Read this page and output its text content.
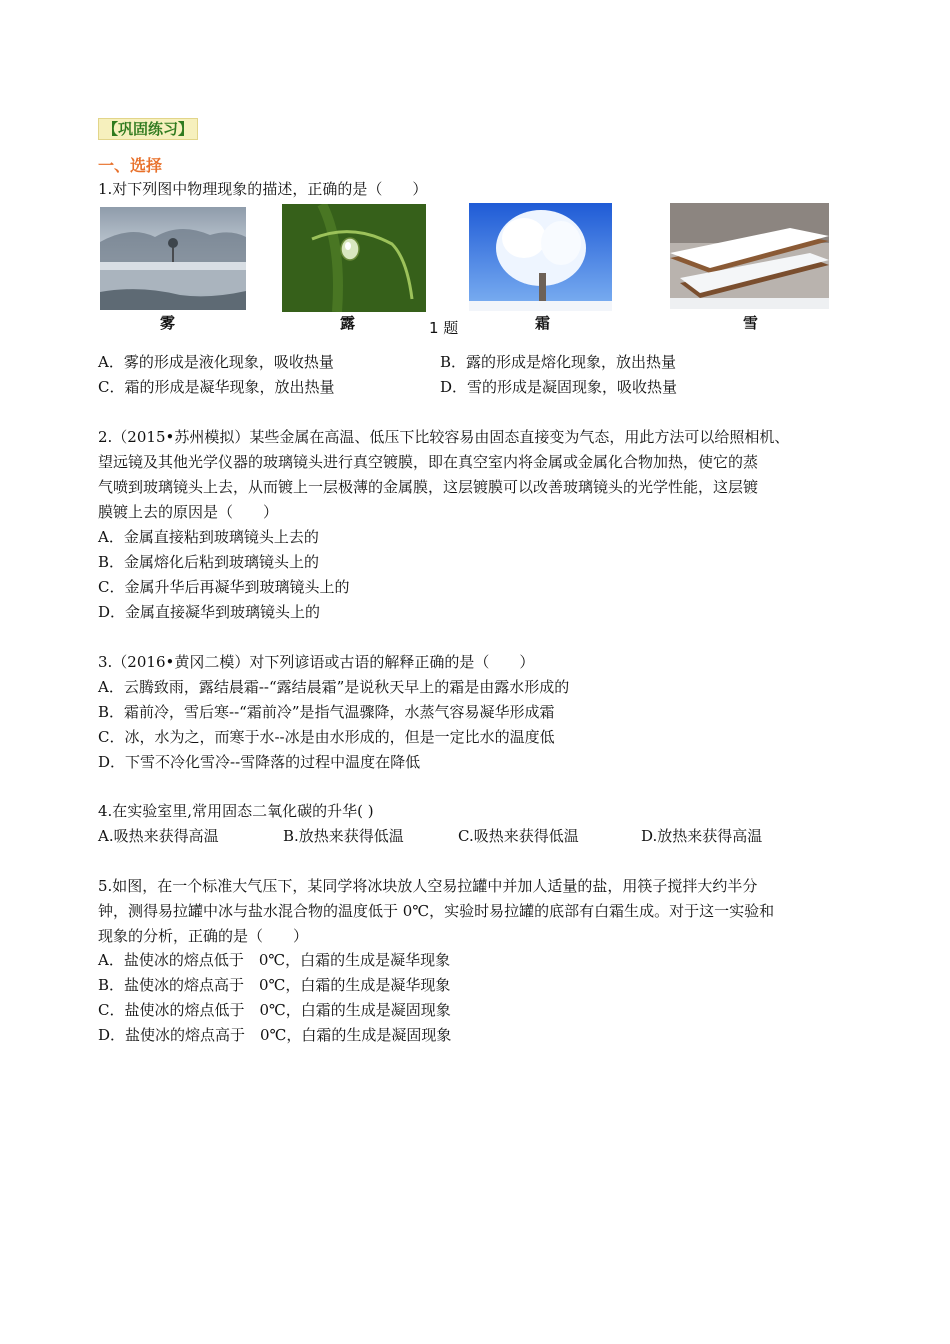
【巩固练习】
一、选择
1.对下列图中物理现象的描述，正确的是（　　）
雾	露	1 题	霜	雪
A．雾的形成是液化现象，吸收热量	B．露的形成是熔化现象，放出热量
C．霜的形成是凝华现象，放出热量	D．雪的形成是凝固现象，吸收热量
2.（2015•苏州模拟）某些金属在高温、低压下比较容易由固态直接变为气态，用此方法可以给照相机、
望远镜及其他光学仪器的玻璃镜头进行真空镀膜，即在真空室内将金属或金属化合物加热，使它的蒸
气喷到玻璃镜头上去，从而镀上一层极薄的金属膜，这层镀膜可以改善玻璃镜头的光学性能，这层镀
膜镀上去的原因是（　　）
A．金属直接粘到玻璃镜头上去的
B．金属熔化后粘到玻璃镜头上的
C．金属升华后再凝华到玻璃镜头上的
D．金属直接凝华到玻璃镜头上的
3.（2016•黄冈二模）对下列谚语或古语的解释正确的是（　　）
A．云腾致雨，露结晨霜--“露结晨霜”是说秋天早上的霜是由露水形成的
B．霜前冷，雪后寒--“霜前冷”是指气温骤降，水蒸气容易凝华形成霜
C．冰，水为之，而寒于水--冰是由水形成的，但是一定比水的温度低
D．下雪不冷化雪冷--雪降落的过程中温度在降低
4.在实验室里,常用固态二氧化碳的升华( )
A.吸热来获得高温	B.放热来获得低温	C.吸热来获得低温	D.放热来获得高温
5.如图，在一个标准大气压下，某同学将冰块放人空易拉罐中并加人适量的盐，用筷子搅拌大约半分
钟，测得易拉罐中冰与盐水混合物的温度低于 0℃，实验时易拉罐的底部有白霜生成。对于这一实验和
现象的分析，正确的是（　　）
A．盐使冰的熔点低于　0℃，白霜的生成是凝华现象
B．盐使冰的熔点高于　0℃，白霜的生成是凝华现象
C．盐使冰的熔点低于　0℃，白霜的生成是凝固现象
D．盐使冰的熔点高于　0℃，白霜的生成是凝固现象
